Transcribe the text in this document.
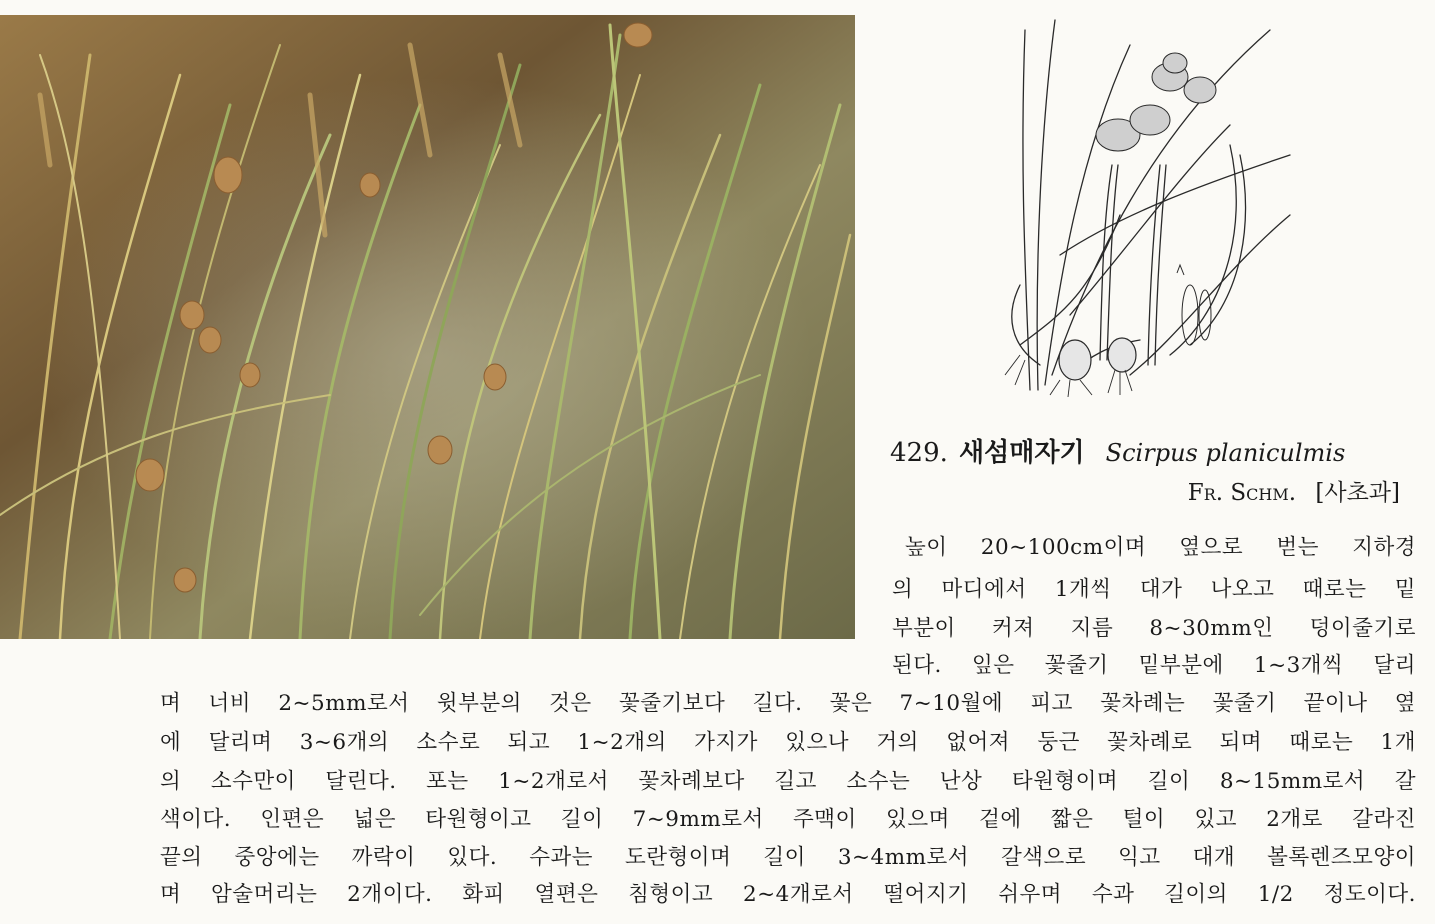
429. 새섬매자기 Scirpus planiculmis
Fr. Schm. [사초과]
높이 20~100cm이며 옆으로 벋는 지하경
의 마디에서 1개씩 대가 나오고 때로는 밑
부분이 커져 지름 8~30mm인 덩이줄기로
된다. 잎은 꽃줄기 밑부분에 1~3개씩 달리
며 너비 2~5mm로서 윗부분의 것은 꽃줄기보다 길다. 꽃은 7~10월에 피고 꽃차례는 꽃줄기 끝이나 옆
에 달리며 3~6개의 소수로 되고 1~2개의 가지가 있으나 거의 없어져 둥근 꽃차례로 되며 때로는 1개
의 소수만이 달린다. 포는 1~2개로서 꽃차례보다 길고 소수는 난상 타원형이며 길이 8~15mm로서 갈
색이다. 인편은 넓은 타원형이고 길이 7~9mm로서 주맥이 있으며 겉에 짧은 털이 있고 2개로 갈라진
끝의 중앙에는 까락이 있다. 수과는 도란형이며 길이 3~4mm로서 갈색으로 익고 대개 볼록렌즈모양이
며 암술머리는 2개이다. 화피 열편은 침형이고 2~4개로서 떨어지기 쉬우며 수과 길이의 1/2 정도이다.
